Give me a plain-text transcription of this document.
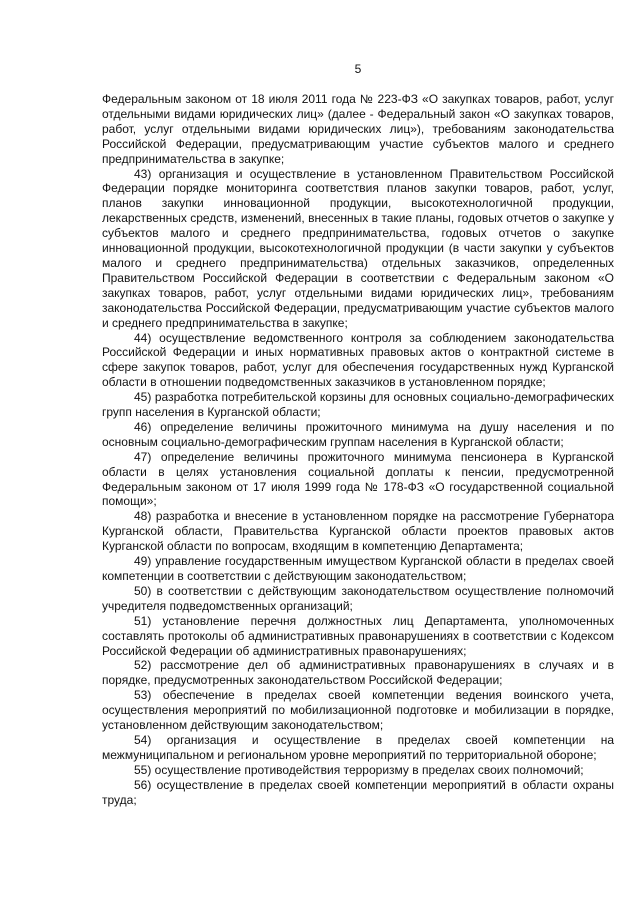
5

Федеральным законом от 18 июля 2011 года № 223-ФЗ «О закупках товаров, работ, услуг отдельными видами юридических лиц» (далее - Федеральный закон «О закупках товаров, работ, услуг отдельными видами юридических лиц»), требованиям законодательства Российской Федерации, предусматривающим участие субъектов малого и среднего предпринимательства в закупке;

43) организация и осуществление в установленном Правительством Российской Федерации порядке мониторинга соответствия планов закупки товаров, работ, услуг, планов закупки инновационной продукции, высокотехнологичной продукции, лекарственных средств, изменений, внесенных в такие планы, годовых отчетов о закупке у субъектов малого и среднего предпринимательства, годовых отчетов о закупке инновационной продукции, высокотехнологичной продукции (в части закупки у субъектов малого и среднего предпринимательства) отдельных заказчиков, определенных Правительством Российской Федерации в соответствии с Федеральным законом «О закупках товаров, работ, услуг отдельными видами юридических лиц», требованиям законодательства Российской Федерации, предусматривающим участие субъектов малого и среднего предпринимательства в закупке;

44) осуществление ведомственного контроля за соблюдением законодательства Российской Федерации и иных нормативных правовых актов о контрактной системе в сфере закупок товаров, работ, услуг для обеспечения государственных нужд Курганской области в отношении подведомственных заказчиков в установленном порядке;

45) разработка потребительской корзины для основных социально-демографических групп населения в Курганской области;

46) определение величины прожиточного минимума на душу населения и по основным социально-демографическим группам населения в Курганской области;

47) определение величины прожиточного минимума пенсионера в Курганской области в целях установления социальной доплаты к пенсии, предусмотренной Федеральным законом от 17 июля 1999 года № 178-ФЗ «О государственной социальной помощи»;

48) разработка и внесение в установленном порядке на рассмотрение Губернатора Курганской области, Правительства Курганской области проектов правовых актов Курганской области по вопросам, входящим в компетенцию Департамента;

49) управление государственным имуществом Курганской области в пределах своей компетенции в соответствии с действующим законодательством;

50) в соответствии с действующим законодательством осуществление полномочий учредителя подведомственных организаций;

51) установление перечня должностных лиц Департамента, уполномоченных составлять протоколы об административных правонарушениях в соответствии с Кодексом Российской Федерации об административных правонарушениях;

52) рассмотрение дел об административных правонарушениях в случаях и в порядке, предусмотренных законодательством Российской Федерации;

53) обеспечение в пределах своей компетенции ведения воинского учета, осуществления мероприятий по мобилизационной подготовке и мобилизации в порядке, установленном действующим законодательством;

54) организация и осуществление в пределах своей компетенции на межмуниципальном и региональном уровне мероприятий по территориальной обороне;

55) осуществление противодействия терроризму в пределах своих полномочий;

56) осуществление в пределах своей компетенции мероприятий в области охраны труда;
